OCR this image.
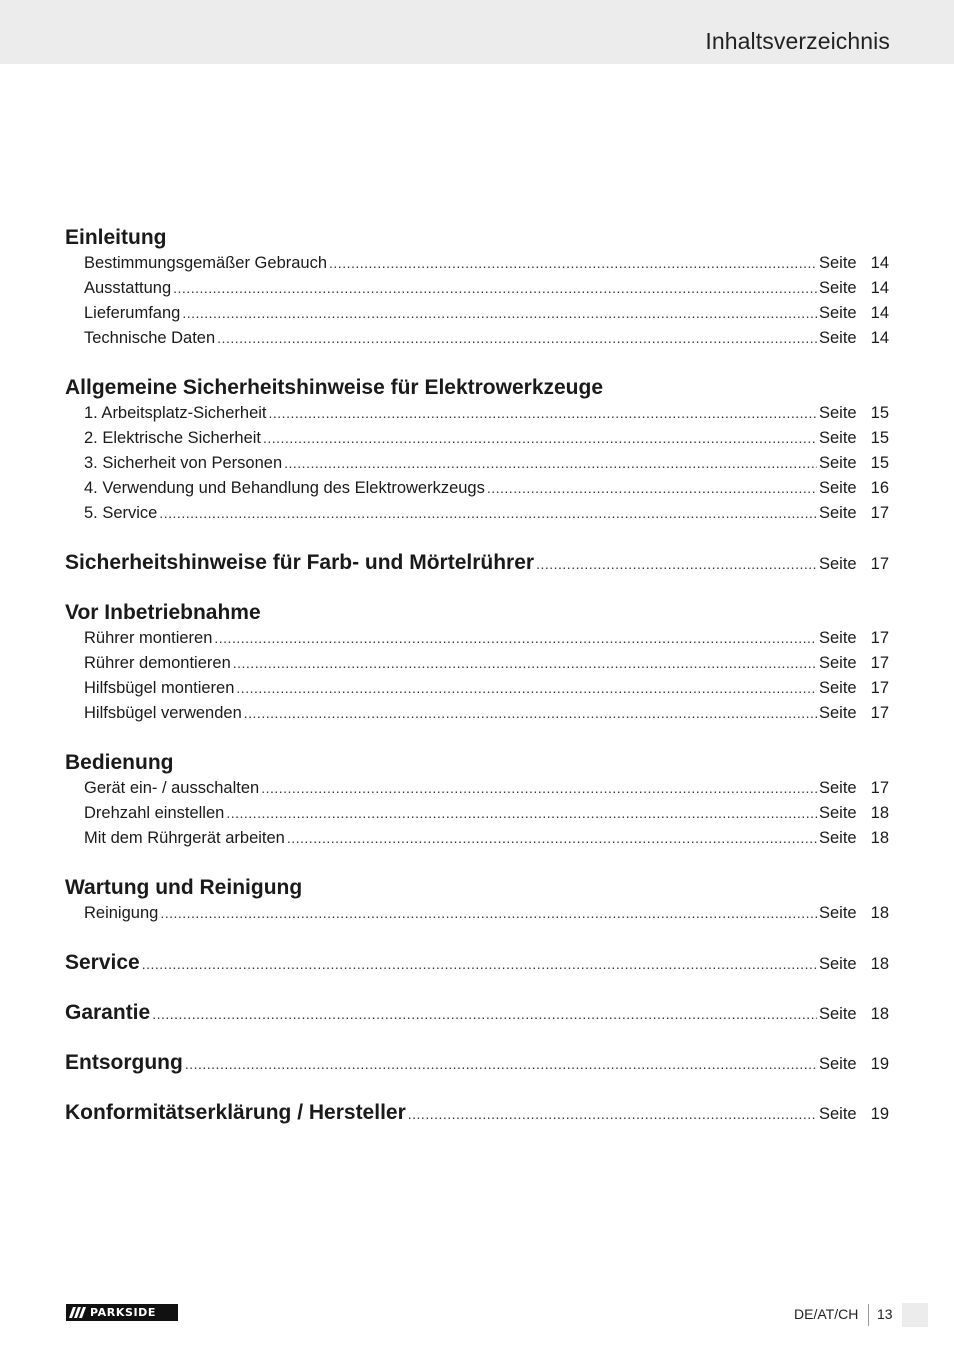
Inhaltsverzeichnis
Einleitung
Bestimmungsgemäßer Gebrauch .....	Seite 14
Ausstattung .....	Seite 14
Lieferumfang .....	Seite 14
Technische Daten .....	Seite 14
Allgemeine Sicherheitshinweise für Elektrowerkzeuge
1. Arbeitsplatz-Sicherheit .....	Seite 15
2. Elektrische Sicherheit .....	Seite 15
3. Sicherheit von Personen .....	Seite 15
4. Verwendung und Behandlung des Elektrowerkzeugs .....	Seite 16
5. Service .....	Seite 17
Sicherheitshinweise für Farb- und Mörtelrührer .....	Seite 17
Vor Inbetriebnahme
Rührer montieren .....	Seite 17
Rührer demontieren .....	Seite 17
Hilfsbügel montieren .....	Seite 17
Hilfsbügel verwenden .....	Seite 17
Bedienung
Gerät ein- / ausschalten .....	Seite 17
Drehzahl einstellen .....	Seite 18
Mit dem Rührgerät arbeiten .....	Seite 18
Wartung und Reinigung
Reinigung .....	Seite 18
Service .....	Seite 18
Garantie .....	Seite 18
Entsorgung .....	Seite 19
Konformitätserklärung / Hersteller .....	Seite 19
PARKSIDE	DE/AT/CH 13
